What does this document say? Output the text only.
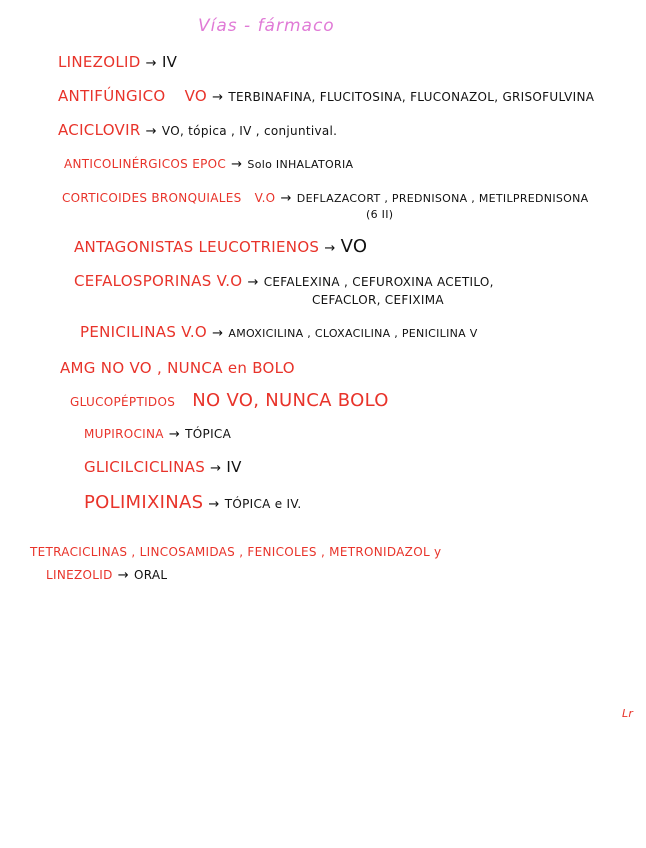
Vías - fármaco
LINEZOLID → IV
ANTIFÚNGICO VO → TERBINAFINA, FLUCITOSINA, FLUCONAZOL, GRISOFULVINA
ACICLOVIR → VO, tópica , IV , conjuntival.
ANTICOLINÉRGICOS EPOC → Solo INHALATORIA
CORTICOIDES BRONQUIALES V.O → DEFLAZACORT , PREDNISONA , METILPREDNISONA
(6 II)
ANTAGONISTAS LEUCOTRIENOS → VO
CEFALOSPORINAS V.O → CEFALEXINA , CEFUROXINA ACETILO,
CEFACLOR, CEFIXIMA
PENICILINAS V.O → AMOXICILINA , CLOXACILINA , PENICILINA V
AMG NO VO , NUNCA en BOLO
GLUCOPÉPTIDOS NO VO, NUNCA BOLO
MUPIROCINA → TÓPICA
GLICILCICLINAS → IV
POLIMIXINAS → TÓPICA e IV.
TETRACICLINAS , LINCOSAMIDAS , FENICOLES , METRONIDAZOL y
LINEZOLID → ORAL
Lr
